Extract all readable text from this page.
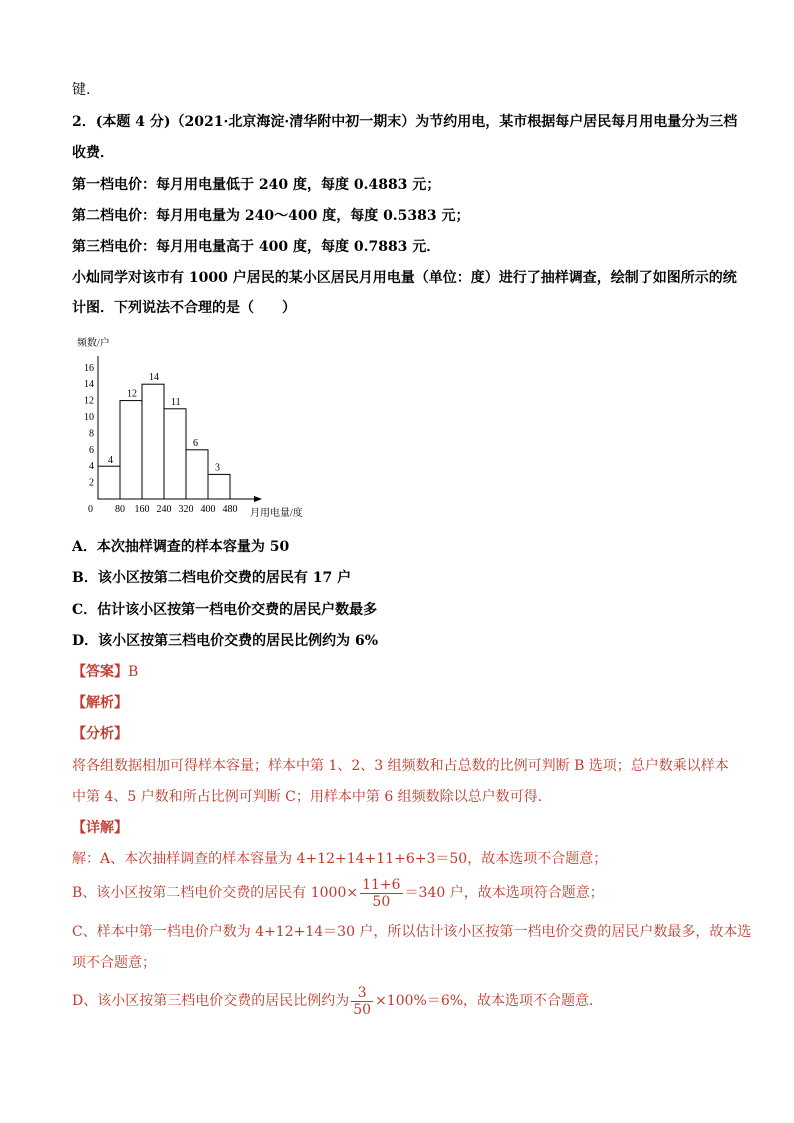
键.
2．(本题 4 分)（2021·北京海淀·清华附中初一期末）为节约用电，某市根据每户居民每月用电量分为三档
收费．
第一档电价：每月用电量低于 240 度，每度 0.4883 元；
第二档电价：每月用电量为 240～400 度，每度 0.5383 元；
第三档电价：每月用电量高于 400 度，每度 0.7883 元．
小灿同学对该市有 1000 户居民的某小区居民月用电量（单位：度）进行了抽样调查，绘制了如图所示的统
计图．下列说法不合理的是（　　）
频数/户
月用电量/度
0
4
12
14
11
6
3
2
4
6
8
10
12
14
16
80 160 240 320 400 480
A．本次抽样调查的样本容量为 50
B．该小区按第二档电价交费的居民有 17 户
C．估计该小区按第一档电价交费的居民户数最多
D．该小区按第三档电价交费的居民比例约为 6%
【答案】B
【解析】
【分析】
将各组数据相加可得样本容量；样本中第 1、2、3 组频数和占总数的比例可判断 B 选项；总户数乘以样本
中第 4、5 户数和所占比例可判断 C；用样本中第 6 组频数除以总户数可得.
【详解】
解：A、本次抽样调查的样本容量为 4+12+14+11+6+3＝50，故本选项不合题意；
B、该小区按第二档电价交费的居民有 $1000\times \frac{11+6}{50} =340$ 户，故本选项符合题意；
C、样本中第一档电价户数为 4+12+14＝30 户，所以估计该小区按第一档电价交费的居民户数最多，故本选
项不合题意；
D、该小区按第三档电价交费的居民比例约为 $\frac{3}{50} \times 100\%=6\%$，故本选项不合题意．
